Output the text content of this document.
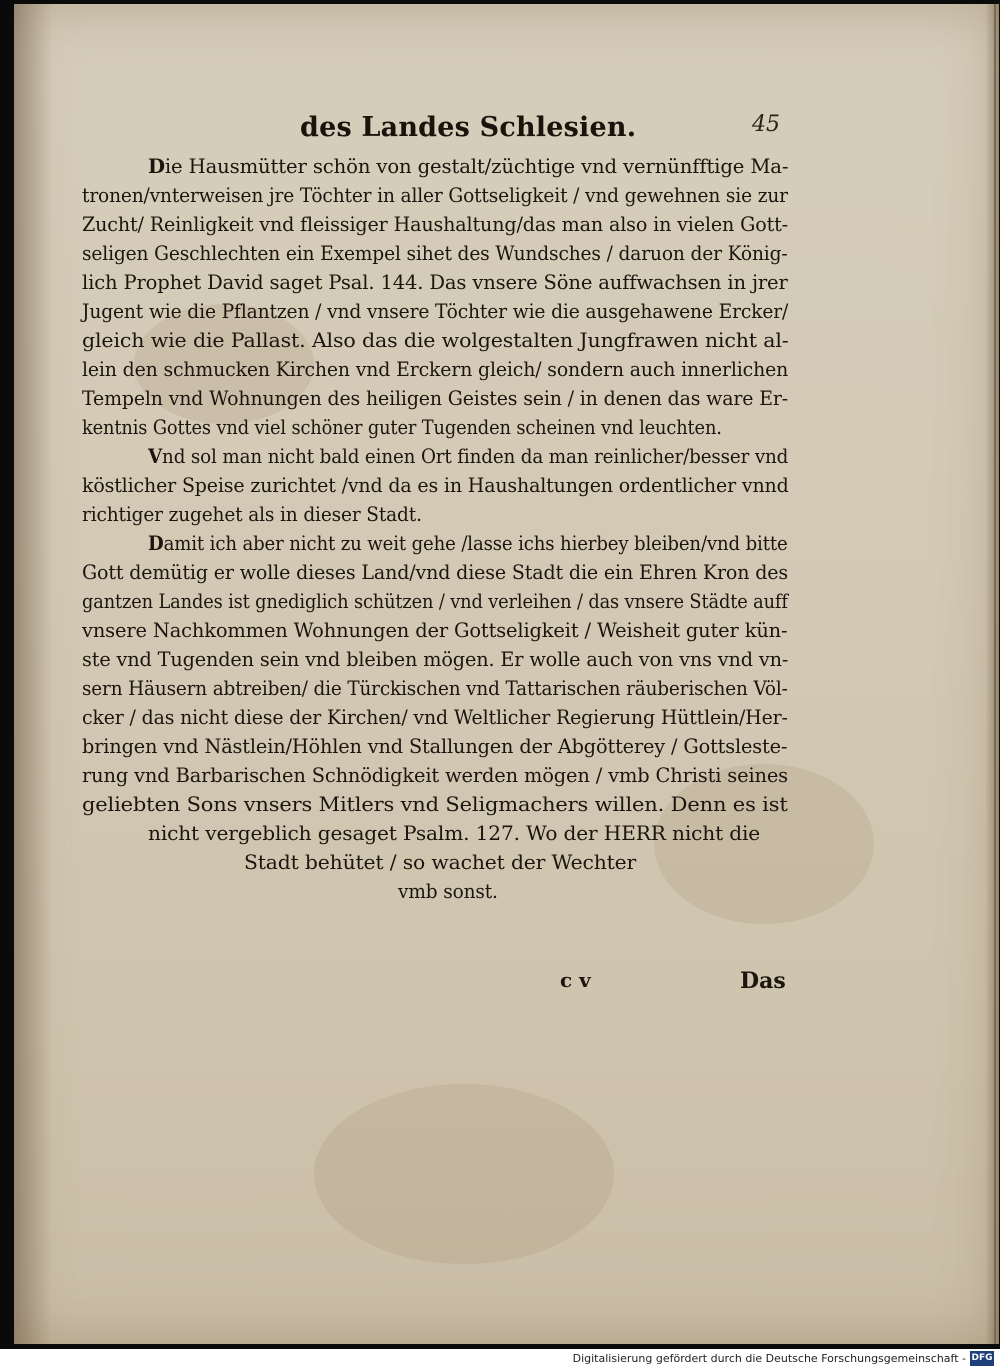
des Landes Schlesien.	45
Die Hausmütter schön von gestalt/züchtige vnd vernünfftige Ma-
tronen/vnterweisen jre Töchter in aller Gottseligkeit / vnd gewehnen sie zur
Zucht/ Reinligkeit vnd fleissiger Haushaltung/das man also in vielen Gott-
seligen Geschlechten ein Exempel sihet des Wundsches / daruon der König-
lich Prophet David saget Psal. 144. Das vnsere Söne auffwachsen in jrer
Jugent wie die Pflantzen / vnd vnsere Töchter wie die ausgehawene Ercker/
gleich wie die Pallast. Also das die wolgestalten Jungfrawen nicht al-
lein den schmucken Kirchen vnd Erckern gleich/ sondern auch innerlichen
Tempeln vnd Wohnungen des heiligen Geistes sein / in denen das ware Er-
kentnis Gottes vnd viel schöner guter Tugenden scheinen vnd leuchten.
Vnd sol man nicht bald einen Ort finden da man reinlicher/besser vnd
köstlicher Speise zurichtet /vnd da es in Haushaltungen ordentlicher vnnd
richtiger zugehet als in dieser Stadt.
Damit ich aber nicht zu weit gehe /lasse ichs hierbey bleiben/vnd bitte
Gott demütig er wolle dieses Land/vnd diese Stadt die ein Ehren Kron des
gantzen Landes ist gnediglich schützen / vnd verleihen / das vnsere Städte auff
vnsere Nachkommen Wohnungen der Gottseligkeit / Weisheit guter kün-
ste vnd Tugenden sein vnd bleiben mögen. Er wolle auch von vns vnd vn-
sern Häusern abtreiben/ die Türckischen vnd Tattarischen räuberischen Völ-
cker / das nicht diese der Kirchen/ vnd Weltlicher Regierung Hüttlein/Her-
bringen vnd Nästlein/Höhlen vnd Stallungen der Abgötterey / Gottsleste-
rung vnd Barbarischen Schnödigkeit werden mögen / vmb Christi seines
geliebten Sons vnsers Mitlers vnd Seligmachers willen. Denn es ist
nicht vergeblich gesaget Psalm. 127. Wo der HERR nicht die
Stadt behütet / so wachet der Wechter
vmb sonst.
c v	Das
Digitalisierung gefördert durch die Deutsche Forschungsgemeinschaft - DFG
